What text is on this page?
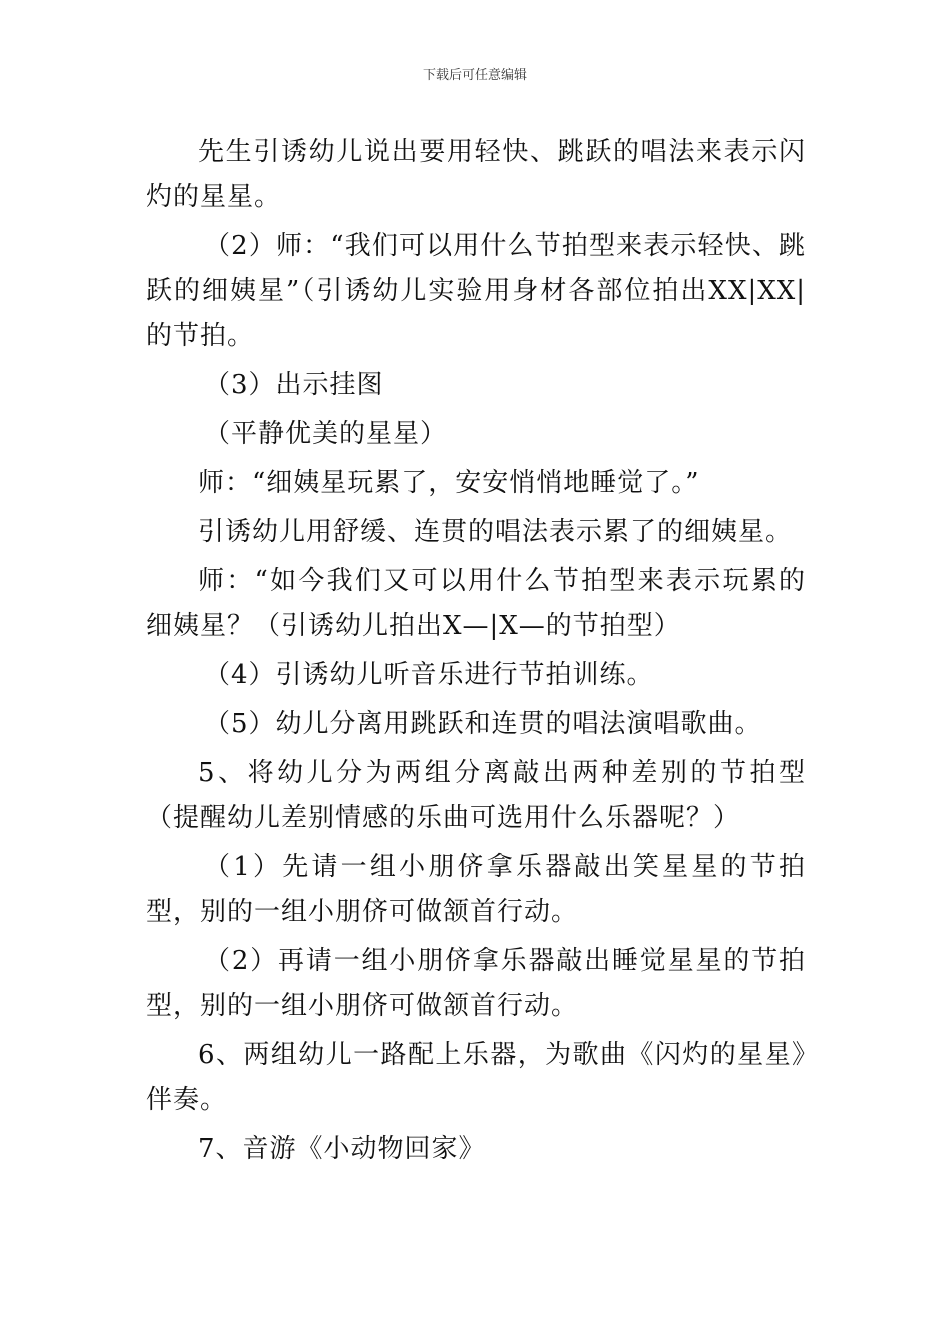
下载后可任意编辑

先生引诱幼儿说出要用轻快、跳跃的唱法来表示闪灼的星星。

（2）师：“我们可以用什么节拍型来表示轻快、跳跃的细姨星”（引诱幼儿实验用身材各部位拍出XX|XX|的节拍。

（3）出示挂图

（平静优美的星星）

师：“细姨星玩累了，安安悄悄地睡觉了。”

引诱幼儿用舒缓、连贯的唱法表示累了的细姨星。

师：“如今我们又可以用什么节拍型来表示玩累的细姨星？（引诱幼儿拍出X—|X—的节拍型）

（4）引诱幼儿听音乐进行节拍训练。

（5）幼儿分离用跳跃和连贯的唱法演唱歌曲。

5、将幼儿分为两组分离敲出两种差别的节拍型（提醒幼儿差别情感的乐曲可选用什么乐器呢？）

（1）先请一组小朋侪拿乐器敲出笑星星的节拍型，别的一组小朋侪可做颔首行动。

（2）再请一组小朋侪拿乐器敲出睡觉星星的节拍型，别的一组小朋侪可做颔首行动。

6、两组幼儿一路配上乐器，为歌曲《闪灼的星星》伴奏。

7、音游《小动物回家》
